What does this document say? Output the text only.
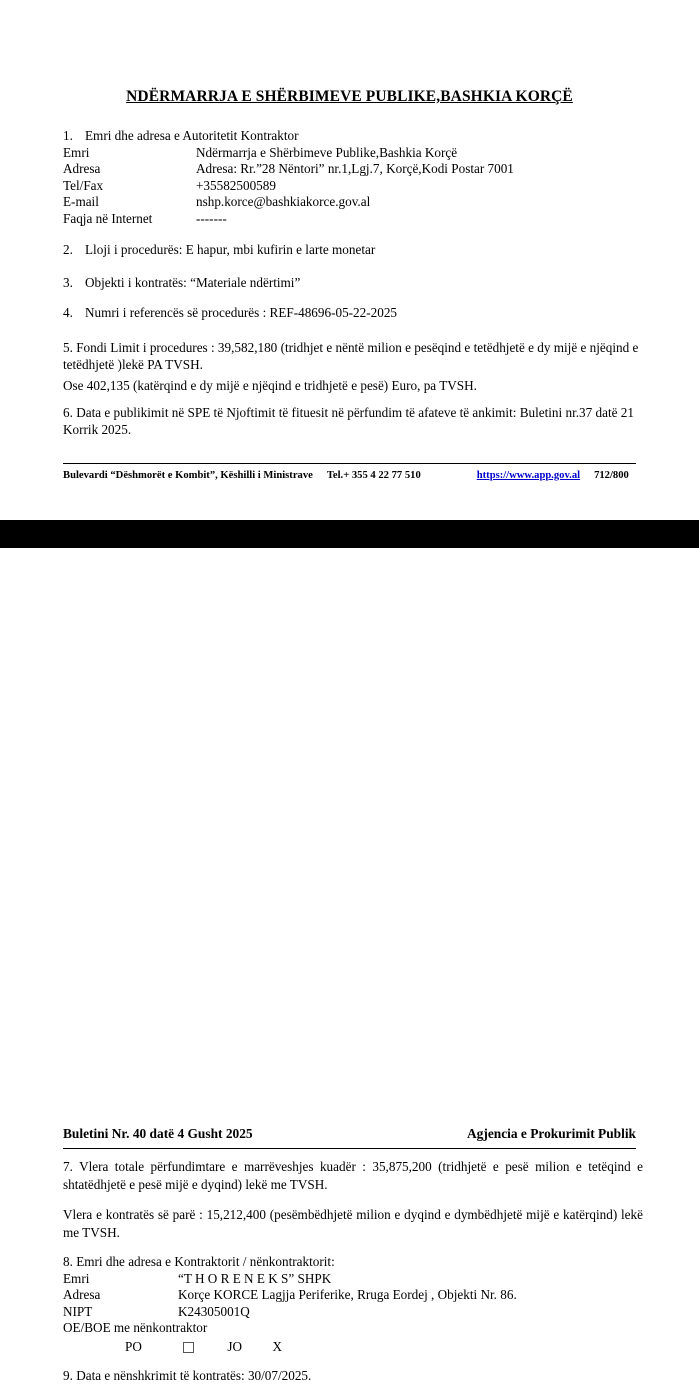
NDËRMARRJA E SHËRBIMEVE PUBLIKE,BASHKIA KORÇË
1. Emri dhe adresa e Autoritetit Kontraktor
Emri	Ndërmarrja e Shërbimeve Publike,Bashkia Korçë
Adresa	Adresa: Rr.”28 Nëntori” nr.1,Lgj.7, Korçë,Kodi Postar 7001
Tel/Fax	+35582500589
E-mail	nshp.korce@bashkiakorce.gov.al
Faqja në Internet	-------
2. Lloji i procedurës: E hapur, mbi kufirin e larte monetar
3. Objekti i kontratës: “Materiale ndërtimi”
4. Numri i referencës së procedurës : REF-48696-05-22-2025
5. Fondi Limit i procedures : 39,582,180 (tridhjet e nëntë milion e pesëqind e tetëdhjetë e dy mijë e njëqind e tetëdhjetë )lekë PA TVSH.
Ose 402,135 (katërqind e dy mijë e njëqind e tridhjetë e pesë) Euro, pa TVSH.
6. Data e publikimit në SPE të Njoftimit të fituesit në përfundim të afateve të ankimit: Buletini nr.37 datë 21 Korrik 2025.
Bulevardi “Dëshmorët e Kombit”, Këshilli i Ministrave Tel.+ 355 4 22 77 510	https://www.app.gov.al 712/800
Buletini Nr. 40 datë 4 Gusht 2025	Agjencia e Prokurimit Publik
7. Vlera totale përfundimtare e marrëveshjes kuadër : 35,875,200 (tridhjetë e pesë milion e tetëqind e shtatëdhjetë e pesë mijë e dyqind) lekë me TVSH.
Vlera e kontratës së parë : 15,212,400 (pesëmbëdhjetë milion e dyqind e dymbëdhjetë mijë e katërqind) lekë me TVSH.
8. Emri dhe adresa e Kontraktorit / nënkontraktorit:
Emri	“T H O R E N E K S” SHPK
Adresa	Korçe KORCE Lagjja Periferike, Rruga Eordej , Objekti Nr. 86.
NIPT	K24305001Q
OE/BOE me nënkontraktor
PO	JO X
9. Data e nënshkrimit të kontratës: 30/07/2025.
